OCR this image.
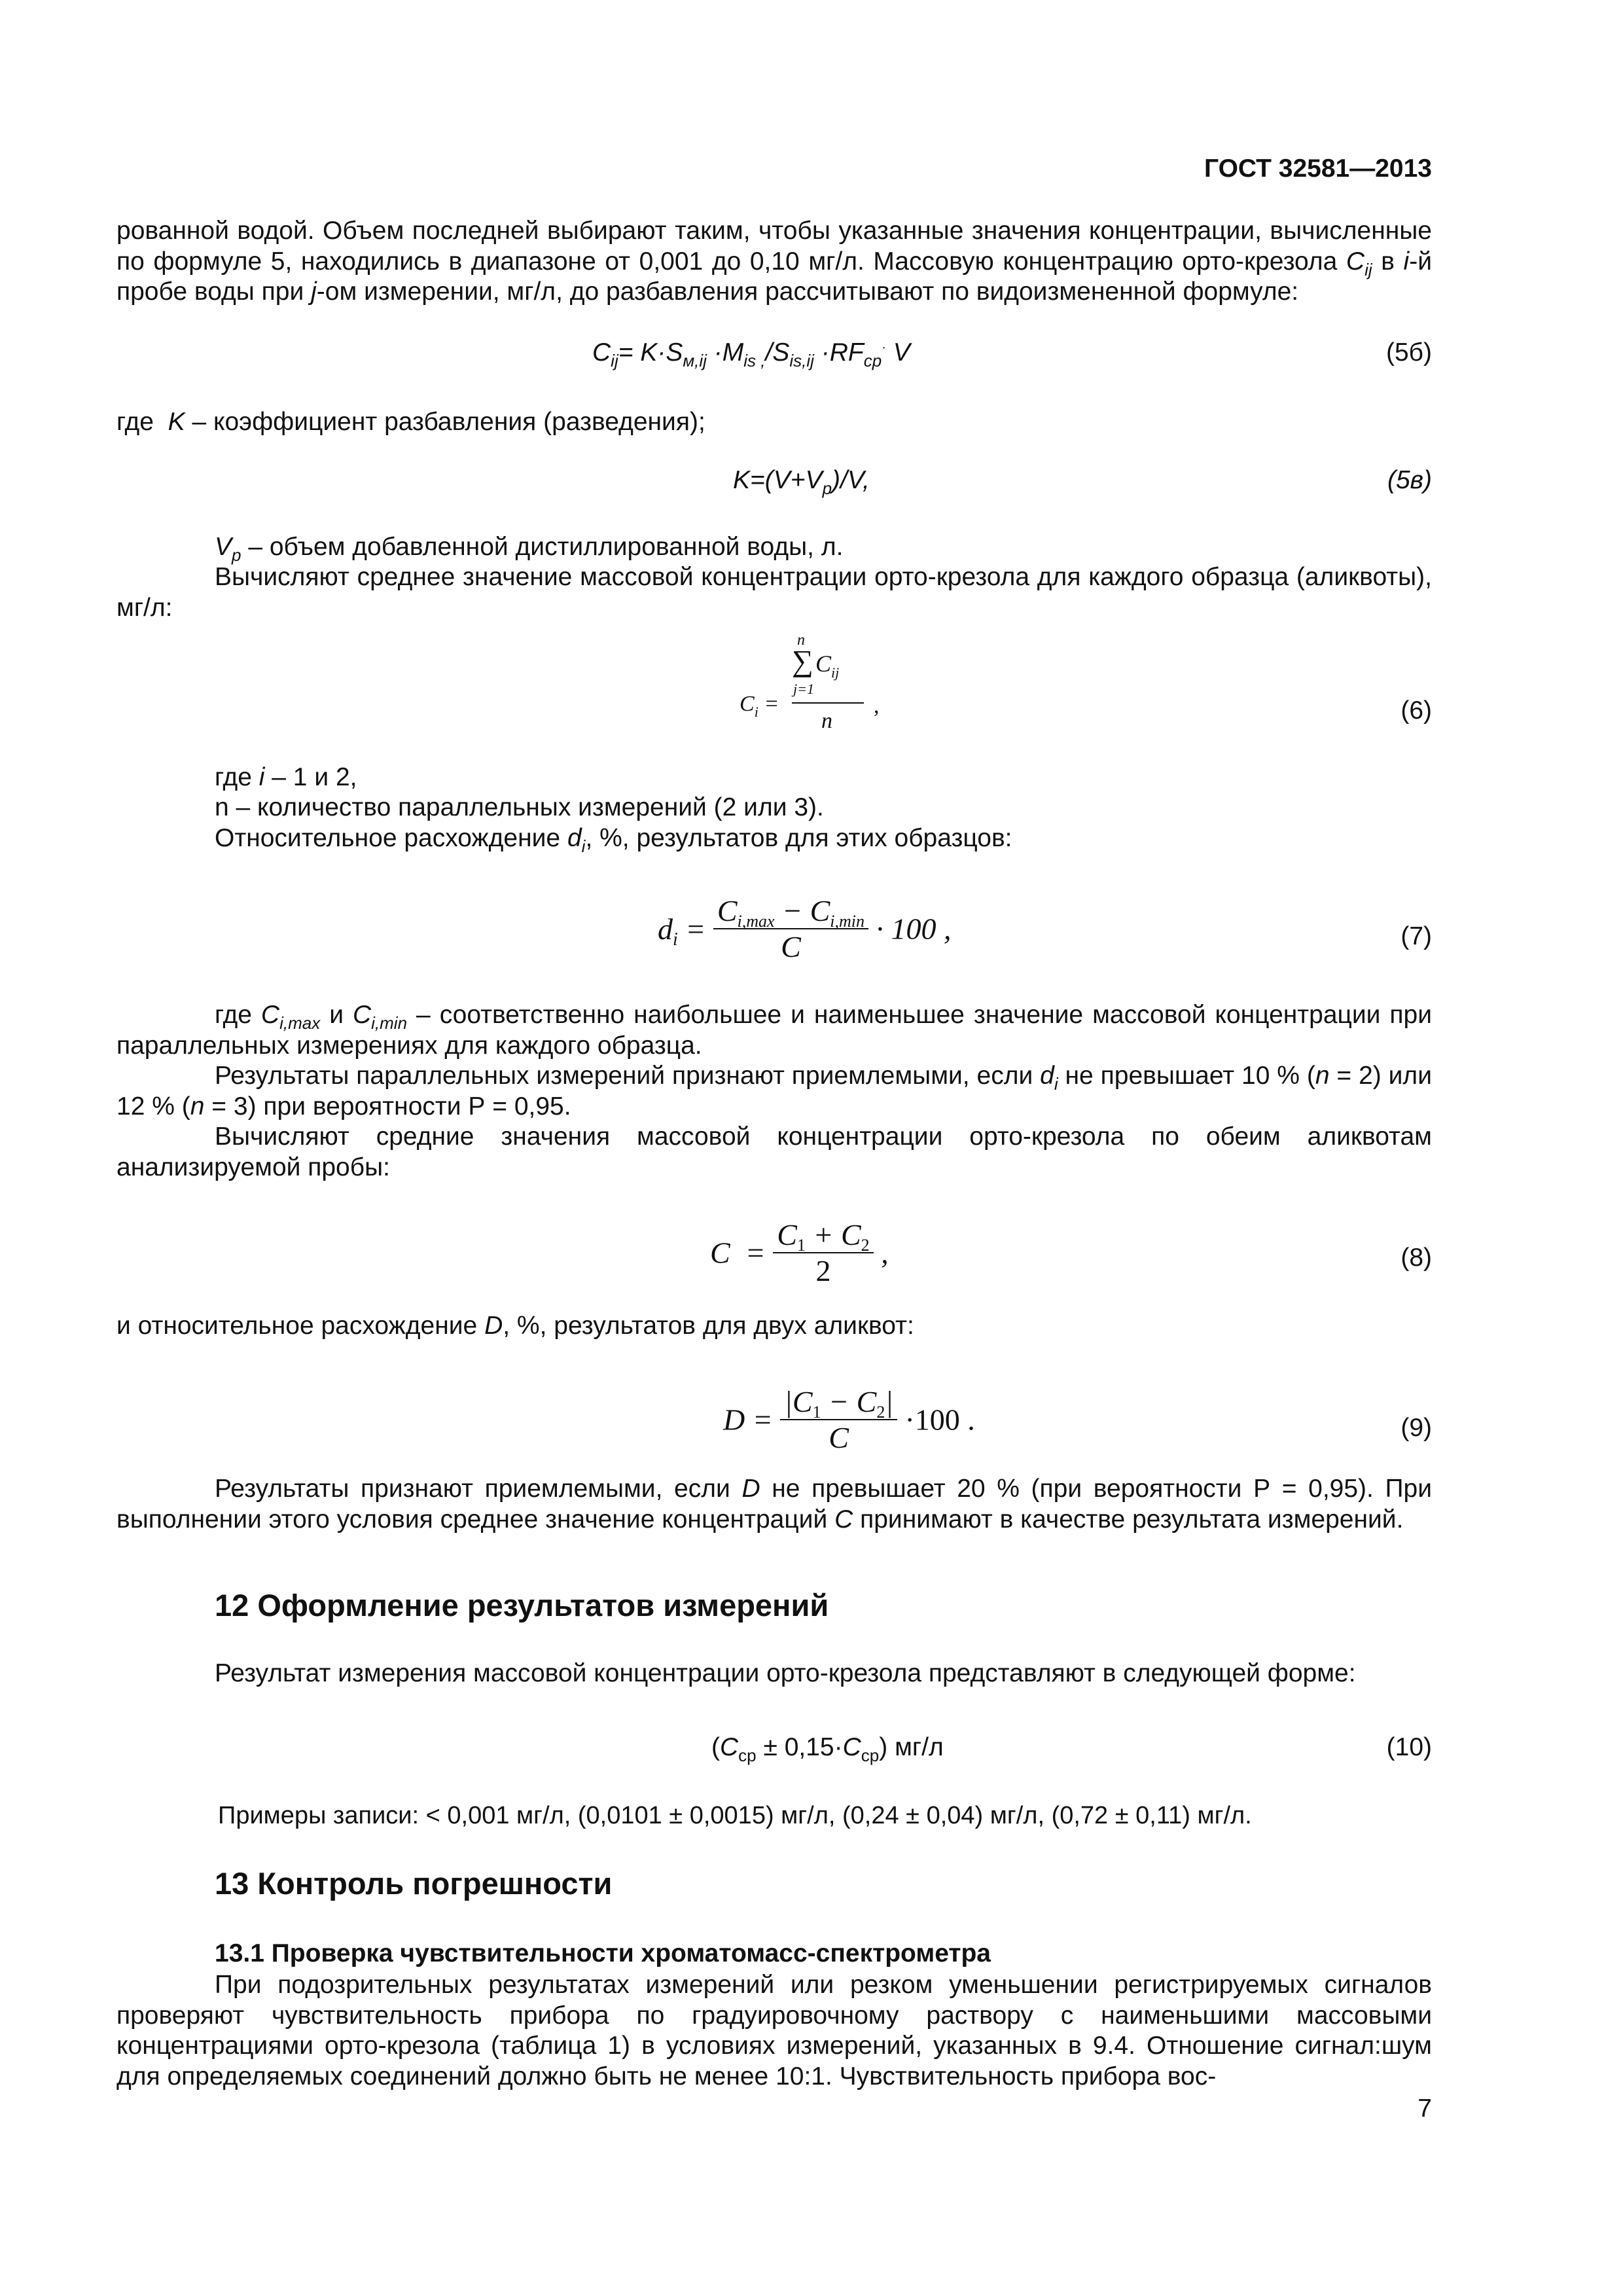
ГОСТ 32581—2013

рованной водой. Объем последней выбирают таким, чтобы указанные значения концентрации, вычисленные по формуле 5, находились в диапазоне от 0,001 до 0,10 мг/л. Массовую концентрацию орто-крезола $C_{ij}$ в i-й пробе воды при j-ом измерении, мг/л, до разбавления рассчитывают по видоизмененной формуле:

$C_{ij}= K\cdot S_{м,ij} \cdot M_{is ,}/S_{is,ij} \cdot RF_{ср}^\cdot$ V	(5б)
где K – коэффициент разбавления (разведения);
$K=(V+V_p)/V$,	(5в)
$V_p$ – объем добавленной дистиллированной воды, л.

Вычисляют среднее значение массовой концентрации орто-крезола для каждого образца (аликвоты), мг/л:

$C_i$ =
n
∑ $C_{ij}$
j=1
n
,	(6)
где i – 1 и 2,
n – количество параллельных измерений (2 или 3).
Относительное расхождение $d_i$, %, результатов для этих образцов:
$d_i = \frac{C_{i,max} - C_{i,min}}{C} \cdot 100$ ,	(7)

где $C_{i,max}$ и $C_{i,min}$ – соответственно наибольшее и наименьшее значение массовой концентрации при параллельных измерениях для каждого образца.

Результаты параллельных измерений признают приемлемыми, если $d_i$ не превышает 10 % (n = 2) или 12 % (n = 3) при вероятности Р = 0,95.

Вычисляют средние значения массовой концентрации орто-крезола по обеим аликвотам анализируемой пробы:

$C = \frac{C_1 + C_2}{2}$ ,	(8)
и относительное расхождение D, %, результатов для двух аликвот:
$D = \frac{|C_1 - C_2|}{C} \cdot 100$ .	(9)

Результаты признают приемлемыми, если D не превышает 20 % (при вероятности Р = 0,95). При выполнении этого условия среднее значение концентраций C принимают в качестве результата измерений.

12 Оформление результатов измерений

Результат измерения массовой концентрации орто-крезола представляют в следующей форме:

$(C_{ср} \pm 0,15\cdot C_{ср})$ мг/л	(10)
Примеры записи: < 0,001 мг/л, (0,0101 ± 0,0015) мг/л, (0,24 ± 0,04) мг/л, (0,72 ± 0,11) мг/л.
13 Контроль погрешности
13.1 Проверка чувствительности хроматомасс-спектрометра

При подозрительных результатах измерений или резком уменьшении регистрируемых сигналов проверяют чувствительность прибора по градуировочному раствору с наименьшими массовыми концентрациями орто-крезола (таблица 1) в условиях измерений, указанных в 9.4. Отношение сигнал:шум для определяемых соединений должно быть не менее 10:1. Чувствительность прибора вос-

7
